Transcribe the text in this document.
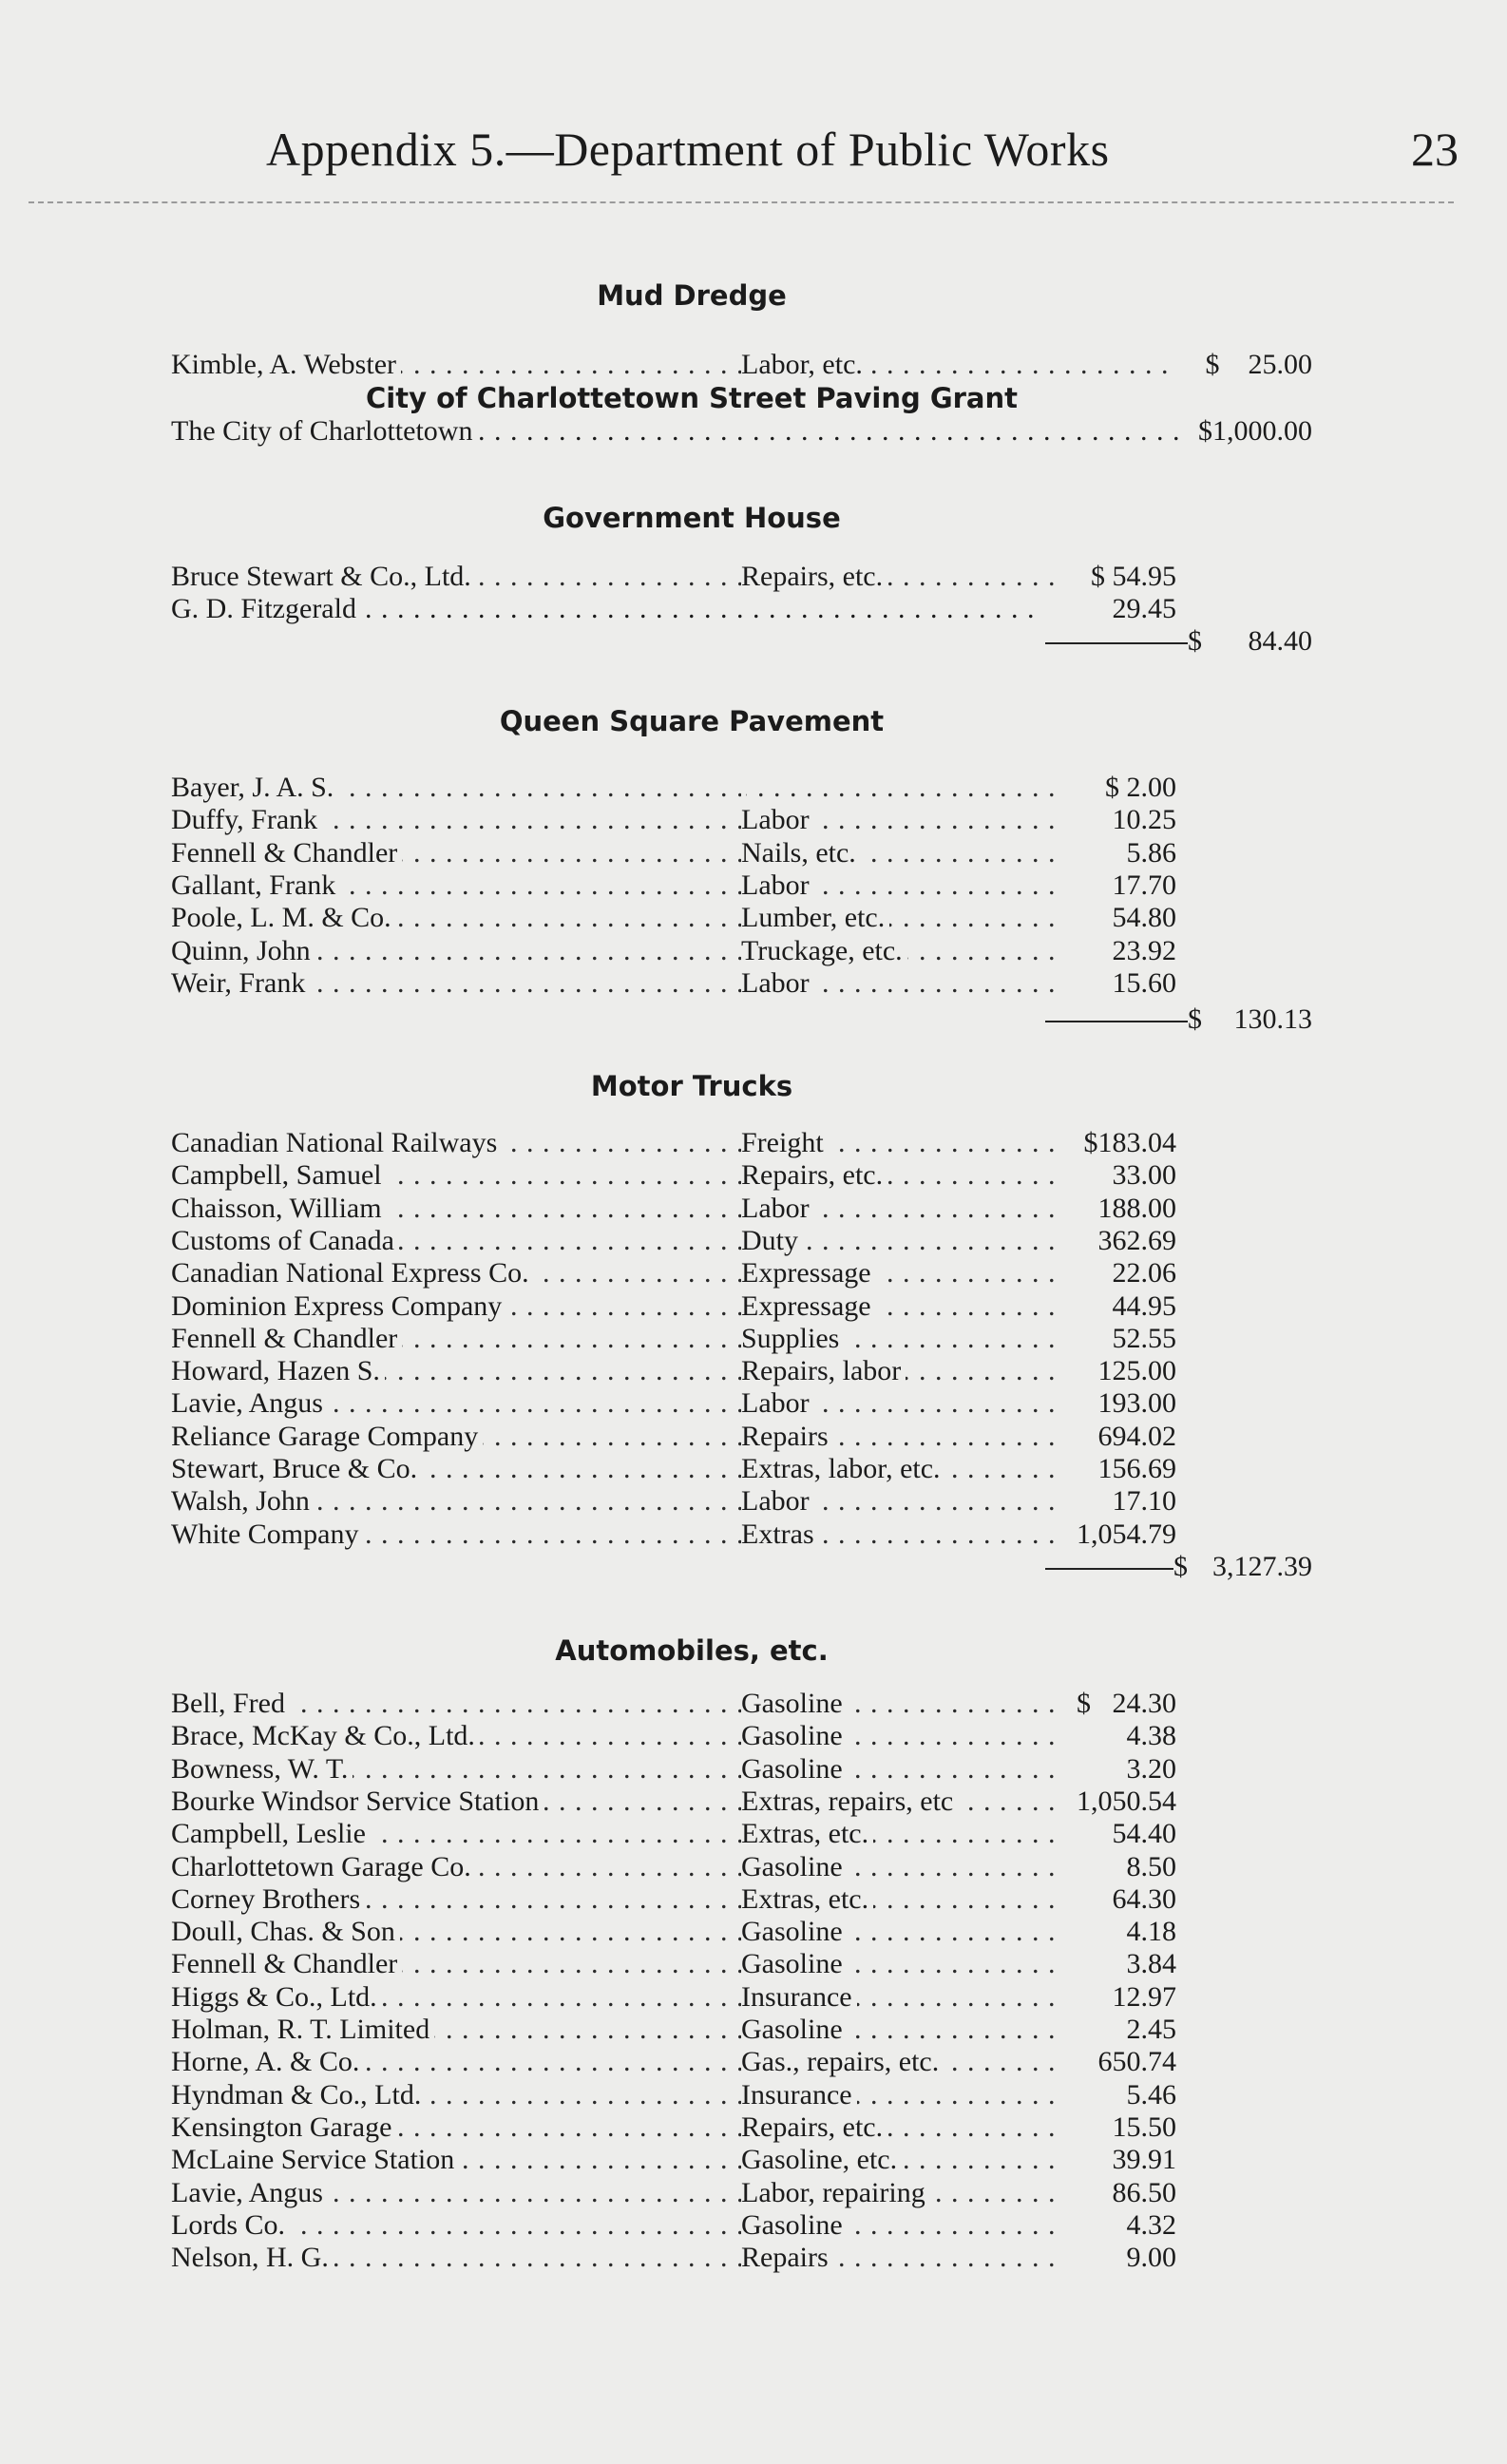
Appendix 5.—Department of Public Works	23
Mud Dredge
Kimble, A. Webster . . .	Labor, etc. . . .	$    25.00
City of Charlottetown Street Paving Grant
The City of Charlottetown . . .	$1,000.00
Government House
Bruce Stewart & Co., Ltd. . . .	Repairs, etc. . . .	$ 54.95
G. D. Fitzgerald . . .	29.45
$ 84.40
Queen Square Pavement
Bayer, J. A. S. . . .
. . .	$ 2.00
Duffy, Frank . . .	Labor . . .	10.25
Fennell & Chandler . . .	Nails, etc. . . .	5.86
Gallant, Frank . . .	Labor . . .	17.70
Poole, L. M. & Co. . . .	Lumber, etc. . . .	54.80
Quinn, John . . .	Truckage, etc. . . .	23.92
Weir, Frank . . .	Labor . . .	15.60
$ 130.13
Motor Trucks
Canadian National Railways . . .	Freight . . .	$183.04
Campbell, Samuel . . .	Repairs, etc. . . .	33.00
Chaisson, William . . .	Labor . . .	188.00
Customs of Canada . . .	Duty . . .	362.69
Canadian National Express Co. . . .	Expressage . . .	22.06
Dominion Express Company . . .	Expressage . . .	44.95
Fennell & Chandler . . .	Supplies . . .	52.55
Howard, Hazen S. . . .	Repairs, labor . . .	125.00
Lavie, Angus . . .	Labor . . .	193.00
Reliance Garage Company . . .	Repairs . . .	694.02
Stewart, Bruce & Co. . . .	Extras, labor, etc. . . .	156.69
Walsh, John . . .	Labor . . .	17.10
White Company . . .	Extras . . .	1,054.79
$ 3,127.39
Automobiles, etc.
Bell, Fred . . .	Gasoline . . .	$   24.30
Brace, McKay & Co., Ltd. . . .	Gasoline . . .	4.38
Bowness, W. T. . . .	Gasoline . . .	3.20
Bourke Windsor Service Station . . .	Extras, repairs, etc . . .	1,050.54
Campbell, Leslie . . .	Extras, etc. . . .	54.40
Charlottetown Garage Co. . . .	Gasoline . . .	8.50
Corney Brothers . . .	Extras, etc. . . .	64.30
Doull, Chas. & Son . . .	Gasoline . . .	4.18
Fennell & Chandler . . .	Gasoline . . .	3.84
Higgs & Co., Ltd. . . .	Insurance . . .	12.97
Holman, R. T. Limited . . .	Gasoline . . .	2.45
Horne, A. & Co. . . .	Gas., repairs, etc. . . .	650.74
Hyndman & Co., Ltd. . . .	Insurance . . .	5.46
Kensington Garage . . .	Repairs, etc. . . .	15.50
McLaine Service Station . . .	Gasoline, etc. . . .	39.91
Lavie, Angus . . .	Labor, repairing . . .	86.50
Lords Co. . . .	Gasoline . . .	4.32
Nelson, H. G. . . .	Repairs . . .	9.00
